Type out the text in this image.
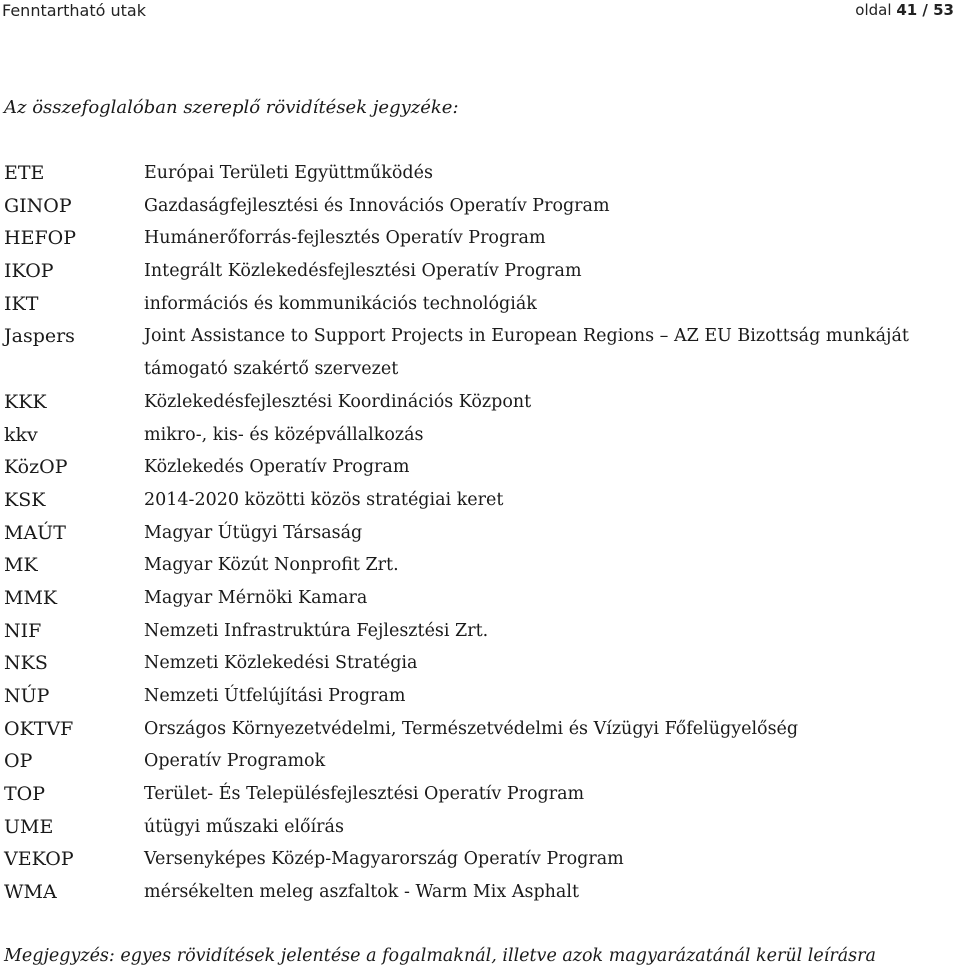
Fenntartható utak	oldal 41 / 53
Az összefoglalóban szereplő rövidítések jegyzéke:
ETE	Európai Területi Együttműködés
GINOP	Gazdaságfejlesztési és Innovációs Operatív Program
HEFOP	Humánerőforrás-fejlesztés Operatív Program
IKOP	Integrált Közlekedésfejlesztési Operatív Program
IKT	információs és kommunikációs technológiák
Jaspers	Joint Assistance to Support Projects in European Regions – AZ EU Bizottság munkáját támogató szakértő szervezet
KKK	Közlekedésfejlesztési Koordinációs Központ
kkv	mikro-, kis- és középvállalkozás
KözOP	Közlekedés Operatív Program
KSK	2014-2020 közötti közös stratégiai keret
MAÚT	Magyar Útügyi Társaság
MK	Magyar Közút Nonprofit Zrt.
MMK	Magyar Mérnöki Kamara
NIF	Nemzeti Infrastruktúra Fejlesztési Zrt.
NKS	Nemzeti Közlekedési Stratégia
NÚP	Nemzeti Útfelújítási Program
OKTVF	Országos Környezetvédelmi, Természetvédelmi és Vízügyi Főfelügyelőség
OP	Operatív Programok
TOP	Terület- És Településfejlesztési Operatív Program
UME	útügyi műszaki előírás
VEKOP	Versenyképes Közép-Magyarország Operatív Program
WMA	mérsékelten meleg aszfaltok - Warm Mix Asphalt
Megjegyzés: egyes rövidítések jelentése a fogalmaknál, illetve azok magyarázatánál kerül leírásra
